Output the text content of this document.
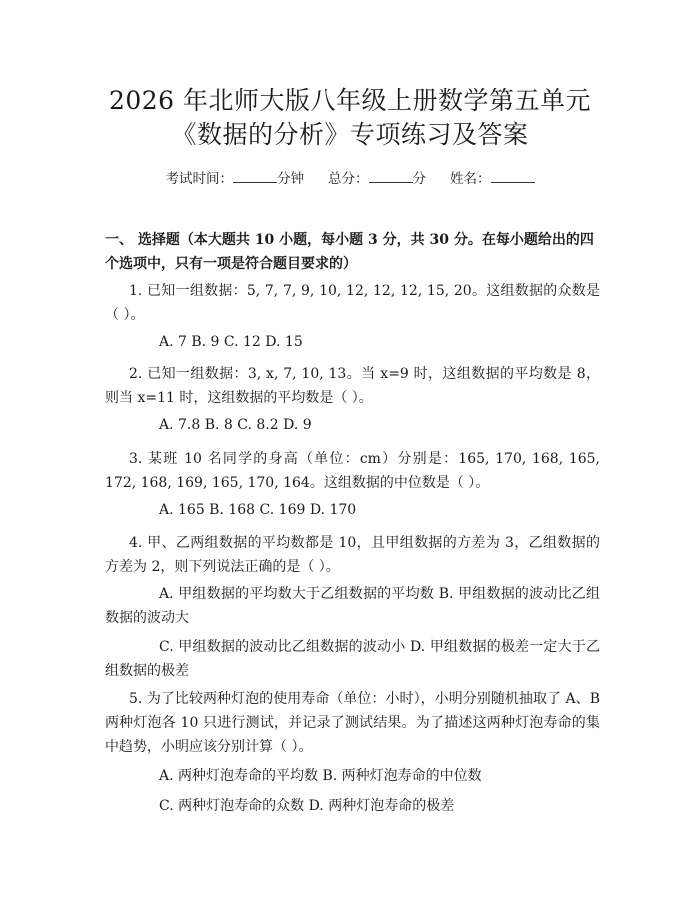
2026 年北师大版八年级上册数学第五单元
《数据的分析》专项练习及答案
考试时间：	分钟 总分：	分 姓名：
一、 选择题（本大题共 10 小题，每小题 3 分，共 30 分。在每小题给出的四个选项中，只有一项是符合题目要求的）
1. 已知一组数据：5, 7, 7, 9, 10, 12, 12, 12, 15, 20。这组数据的众数是（ ）。
A. 7 B. 9 C. 12 D. 15
2. 已知一组数据：3, x, 7, 10, 13。当 x=9 时，这组数据的平均数是 8，则当 x=11 时，这组数据的平均数是（ ）。
A. 7.8 B. 8 C. 8.2 D. 9
3. 某班 10 名同学的身高（单位：cm）分别是：165, 170, 168, 165, 172, 168, 169, 165, 170, 164。这组数据的中位数是（ ）。
A. 165 B. 168 C. 169 D. 170
4. 甲、乙两组数据的平均数都是 10，且甲组数据的方差为 3，乙组数据的方差为 2，则下列说法正确的是（ ）。
A. 甲组数据的平均数大于乙组数据的平均数 B. 甲组数据的波动比乙组数据的波动大
C. 甲组数据的波动比乙组数据的波动小 D. 甲组数据的极差一定大于乙组数据的极差
5. 为了比较两种灯泡的使用寿命（单位：小时），小明分别随机抽取了 A、B 两种灯泡各 10 只进行测试，并记录了测试结果。为了描述这两种灯泡寿命的集中趋势，小明应该分别计算（ ）。
A. 两种灯泡寿命的平均数 B. 两种灯泡寿命的中位数
C. 两种灯泡寿命的众数 D. 两种灯泡寿命的极差
